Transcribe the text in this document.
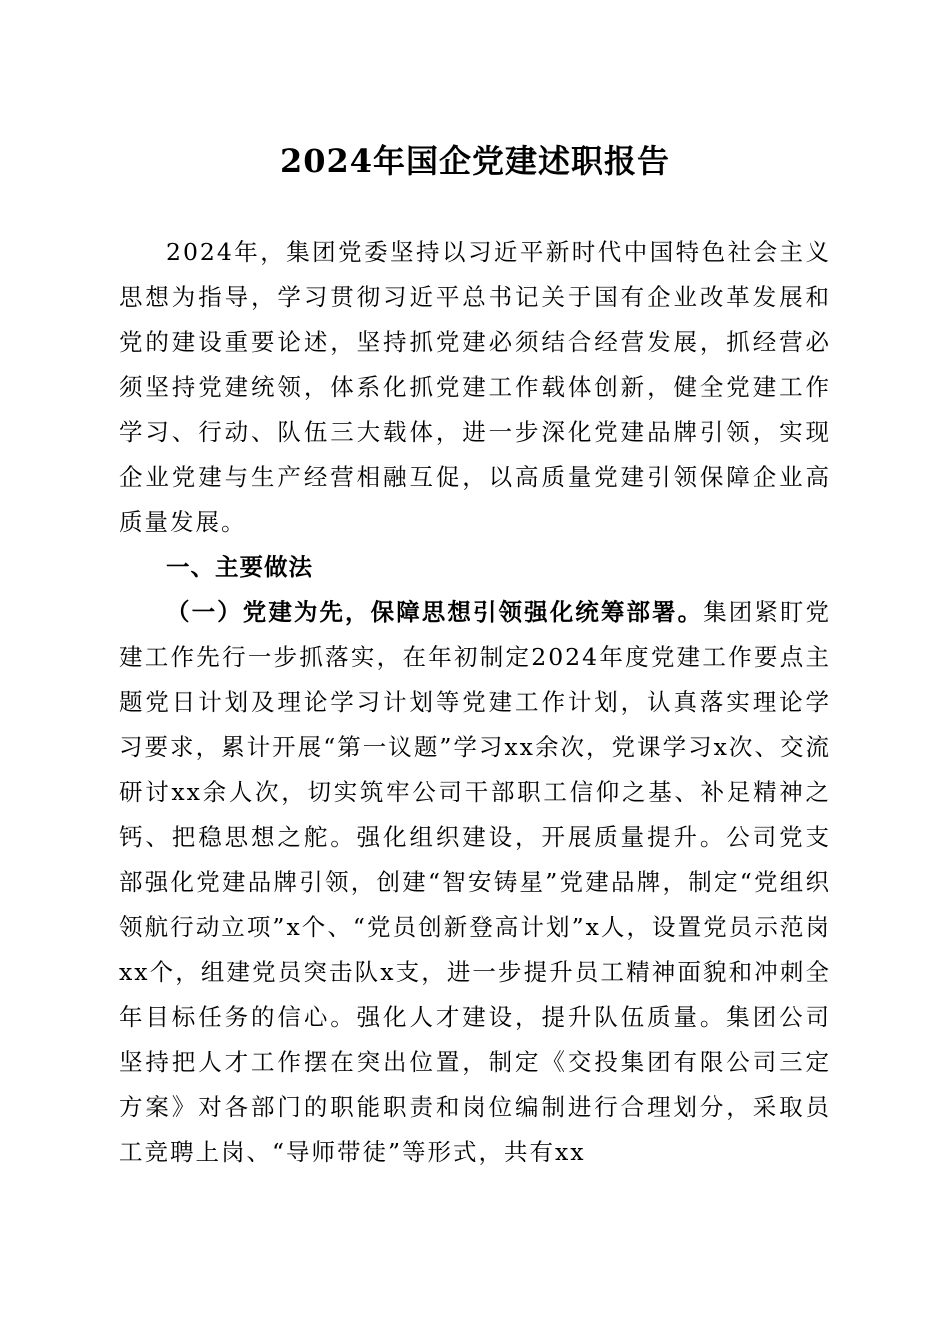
2024年国企党建述职报告

2024年，集团党委坚持以习近平新时代中国特色社会主义思想为指导，学习贯彻习近平总书记关于国有企业改革发展和党的建设重要论述，坚持抓党建必须结合经营发展，抓经营必须坚持党建统领，体系化抓党建工作载体创新，健全党建工作学习、行动、队伍三大载体，进一步深化党建品牌引领，实现企业党建与生产经营相融互促，以高质量党建引领保障企业高质量发展。

一、主要做法

（一）党建为先，保障思想引领强化统筹部署。集团紧盯党建工作先行一步抓落实，在年初制定2024年度党建工作要点主题党日计划及理论学习计划等党建工作计划，认真落实理论学习要求，累计开展“第一议题”学习xx余次，党课学习x次、交流研讨xx余人次，切实筑牢公司干部职工信仰之基、补足精神之钙、把稳思想之舵。强化组织建设，开展质量提升。公司党支部强化党建品牌引领，创建“智安铸星”党建品牌，制定“党组织领航行动立项”x个、“党员创新登高计划”x人，设置党员示范岗xx个，组建党员突击队x支，进一步提升员工精神面貌和冲刺全年目标任务的信心。强化人才建设，提升队伍质量。集团公司坚持把人才工作摆在突出位置，制定《交投集团有限公司三定方案》对各部门的职能职责和岗位编制进行合理划分，采取员工竞聘上岗、“导师带徒”等形式，共有xx
